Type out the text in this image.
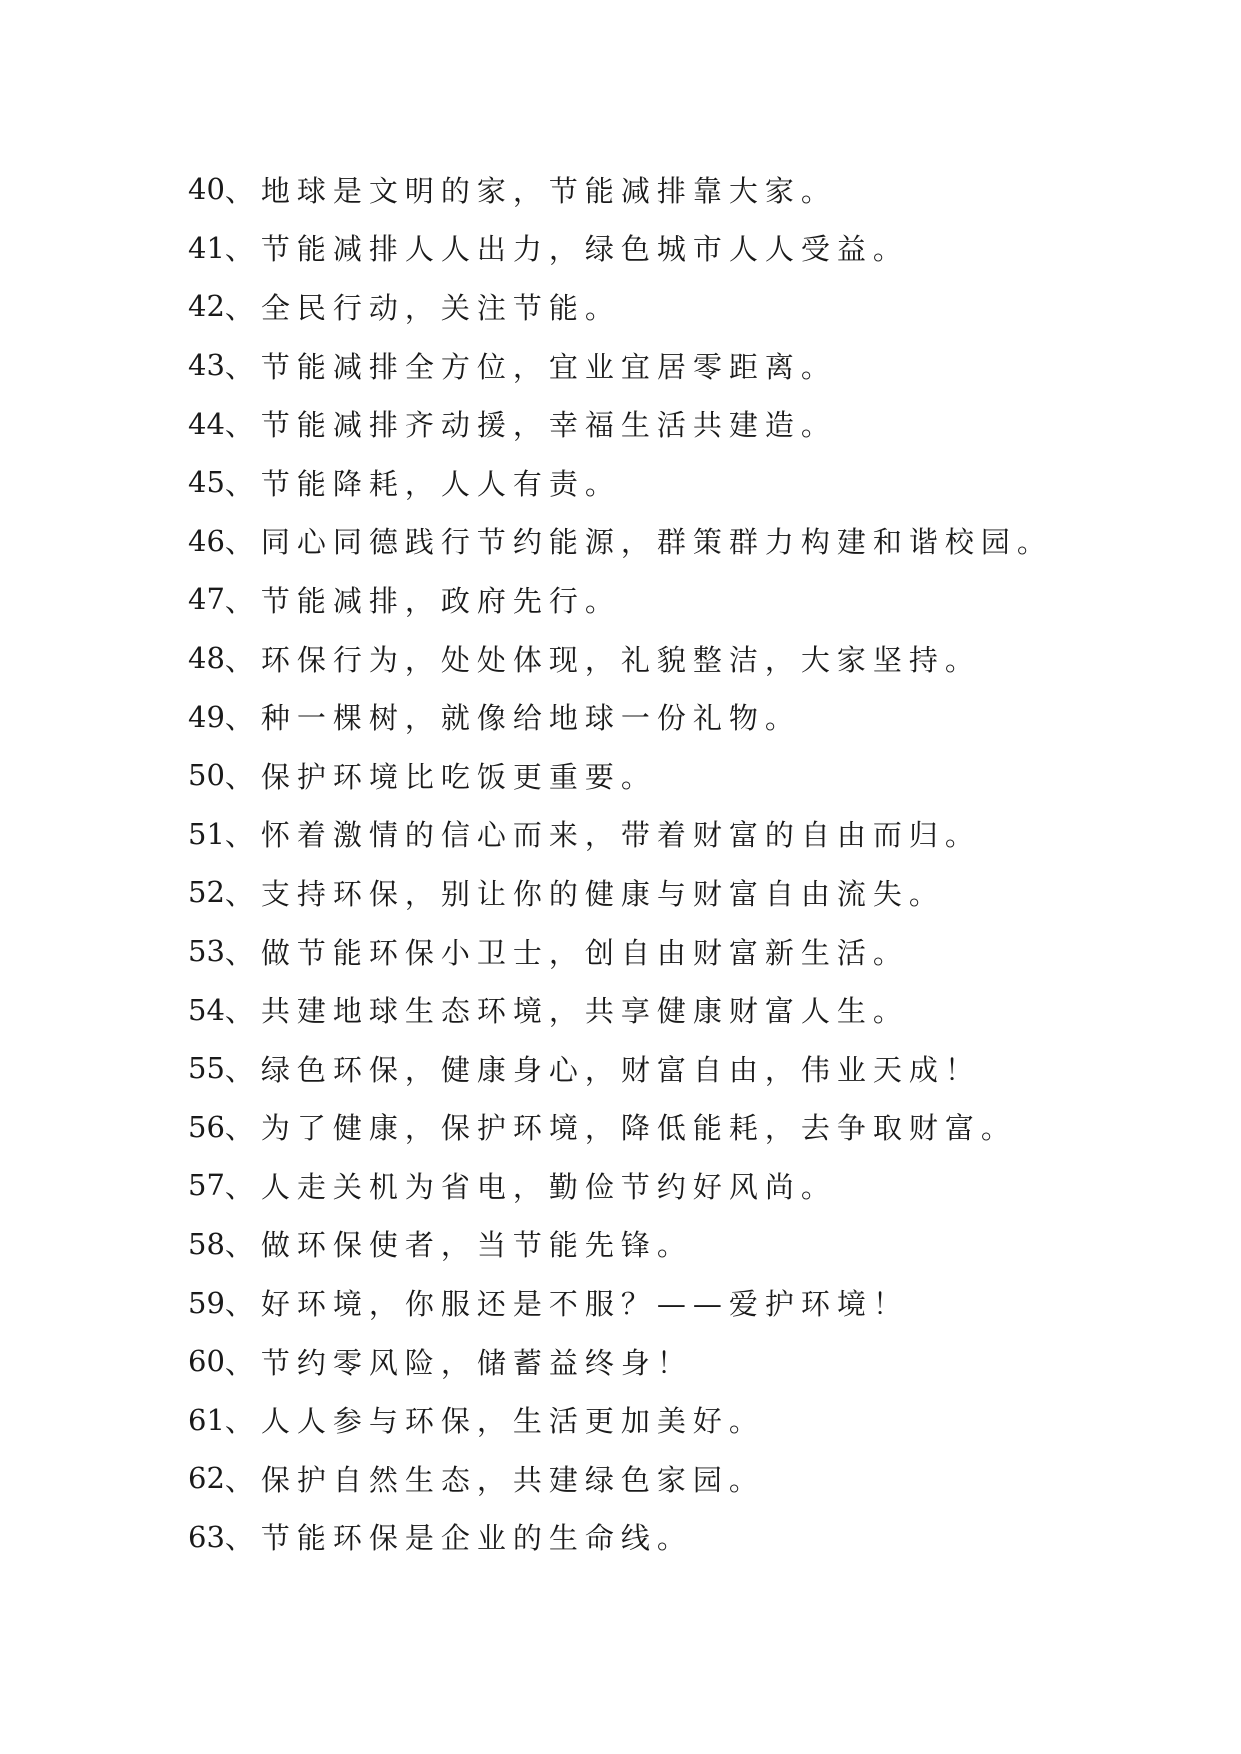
40 、地球是文明的家，节能减排靠大家。
41 、节能减排人人出力，绿色城市人人受益。
42 、全民行动，关注节能。
43 、节能减排全方位，宜业宜居零距离。
44 、节能减排齐动援，幸福生活共建造。
45 、节能降耗，人人有责。
46 、同心同德践行节约能源，群策群力构建和谐校园。
47 、节能减排，政府先行。
48 、环保行为，处处体现，礼貌整洁，大家坚持。
49 、种一棵树，就像给地球一份礼物。
50 、保护环境比吃饭更重要。
51 、怀着激情的信心而来，带着财富的自由而归。
52 、支持环保，别让你的健康与财富自由流失。
53 、做节能环保小卫士，创自由财富新生活。
54 、共建地球生态环境，共享健康财富人生。
55 、绿色环保，健康身心，财富自由，伟业天成！
56 、为了健康，保护环境，降低能耗，去争取财富。
57 、人走关机为省电，勤俭节约好风尚。
58 、做环保使者，当节能先锋。
59 、好环境，你服还是不服？——爱护环境！
60 、节约零风险，储蓄益终身！
61 、人人参与环保，生活更加美好。
62 、保护自然生态，共建绿色家园。
63 、节能环保是企业的生命线。
